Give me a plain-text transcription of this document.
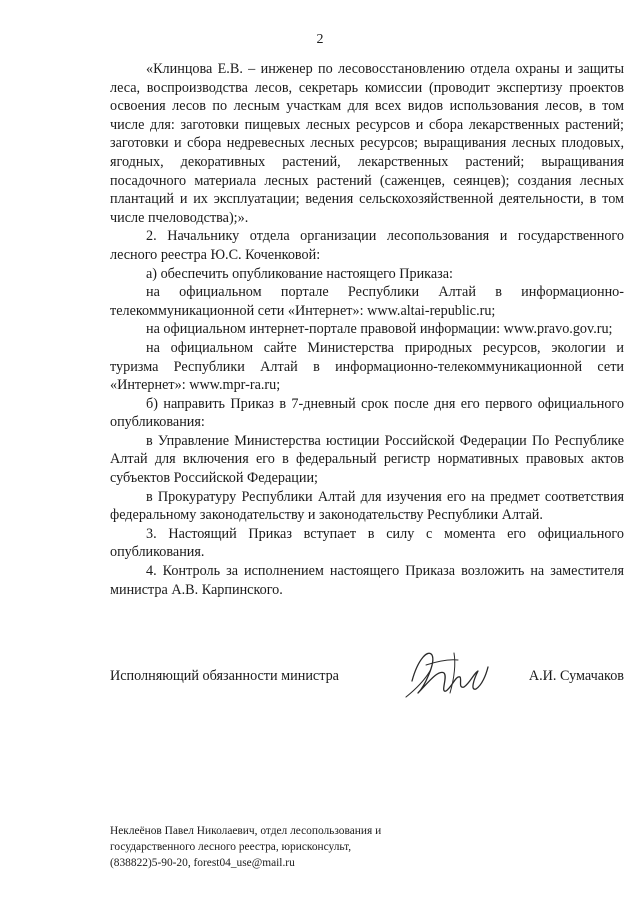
2

«Клинцова Е.В. – инженер по лесовосстановлению отдела охраны и защиты леса, воспроизводства лесов, секретарь комиссии (проводит экспертизу проектов освоения лесов по лесным участкам для всех видов использования лесов, в том числе для: заготовки пищевых лесных ресурсов и сбора лекарственных растений; заготовки и сбора недревесных лесных ресурсов; выращивания лесных плодовых, ягодных, декоративных растений, лекарственных растений; выращивания посадочного материала лесных растений (саженцев, сеянцев); создания лесных плантаций и их эксплуатации; ведения сельскохозяйственной деятельности, в том числе пчеловодства);».

2. Начальнику отдела организации лесопользования и государственного лесного реестра Ю.С. Коченковой:

а) обеспечить опубликование настоящего Приказа:

на официальном портале Республики Алтай в информационно-телекоммуникационной сети «Интернет»: www.altai-republic.ru;

на официальном интернет-портале правовой информации: www.pravo.gov.ru;

на официальном сайте Министерства природных ресурсов, экологии и туризма Республики Алтай в информационно-телекоммуникационной сети «Интернет»: www.mpr-ra.ru;

б) направить Приказ в 7-дневный срок после дня его первого официального опубликования:

в Управление Министерства юстиции Российской Федерации По Республике Алтай для включения его в федеральный регистр нормативных правовых актов субъектов Российской Федерации;

в Прокуратуру Республики Алтай для изучения его на предмет соответствия федеральному законодательству и законодательству Республики Алтай.

3. Настоящий Приказ вступает в силу с момента его официального опубликования.

4. Контроль за исполнением настоящего Приказа возложить на заместителя министра А.В. Карпинского.

Исполняющий обязанности министра	А.И. Сумачаков
Неклеёнов Павел Николаевич, отдел лесопользования и
государственного лесного реестра, юрисконсульт,
(838822)5-90-20, forest04_use@mail.ru
